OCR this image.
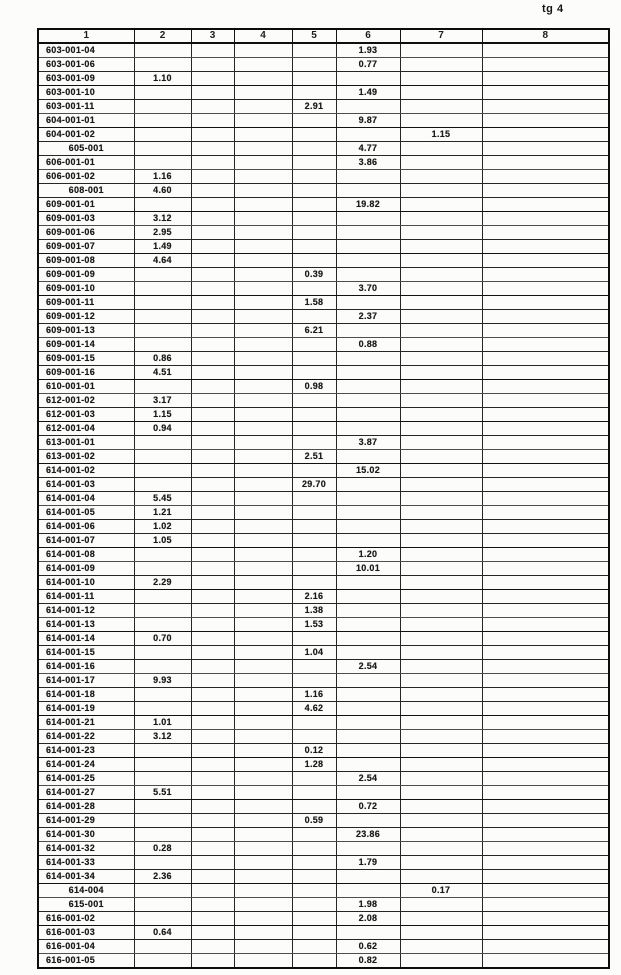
tg 4
1	2	3	4	5	6	7	8
603-001-04					1.93		
603-001-06					0.77		
603-001-09	1.10						
603-001-10					1.49		
603-001-11				2.91			
604-001-01					9.87		
604-001-02						1.15	
605-001					4.77		
606-001-01					3.86		
606-001-02	1.16						
608-001	4.60						
609-001-01					19.82		
609-001-03	3.12						
609-001-06	2.95						
609-001-07	1.49						
609-001-08	4.64						
609-001-09				0.39			
609-001-10					3.70		
609-001-11				1.58			
609-001-12					2.37		
609-001-13				6.21			
609-001-14					0.88		
609-001-15	0.86						
609-001-16	4.51						
610-001-01				0.98			
612-001-02	3.17						
612-001-03	1.15						
612-001-04	0.94						
613-001-01					3.87		
613-001-02				2.51			
614-001-02					15.02		
614-001-03				29.70			
614-001-04	5.45						
614-001-05	1.21						
614-001-06	1.02						
614-001-07	1.05						
614-001-08					1.20		
614-001-09					10.01		
614-001-10	2.29						
614-001-11				2.16			
614-001-12				1.38			
614-001-13				1.53			
614-001-14	0.70						
614-001-15				1.04			
614-001-16					2.54		
614-001-17	9.93						
614-001-18				1.16			
614-001-19				4.62			
614-001-21	1.01						
614-001-22	3.12						
614-001-23				0.12			
614-001-24				1.28			
614-001-25					2.54		
614-001-27	5.51						
614-001-28					0.72		
614-001-29				0.59			
614-001-30					23.86		
614-001-32	0.28						
614-001-33					1.79		
614-001-34	2.36						
614-004						0.17	
615-001					1.98		
616-001-02					2.08		
616-001-03	0.64						
616-001-04					0.62		
616-001-05					0.82		
